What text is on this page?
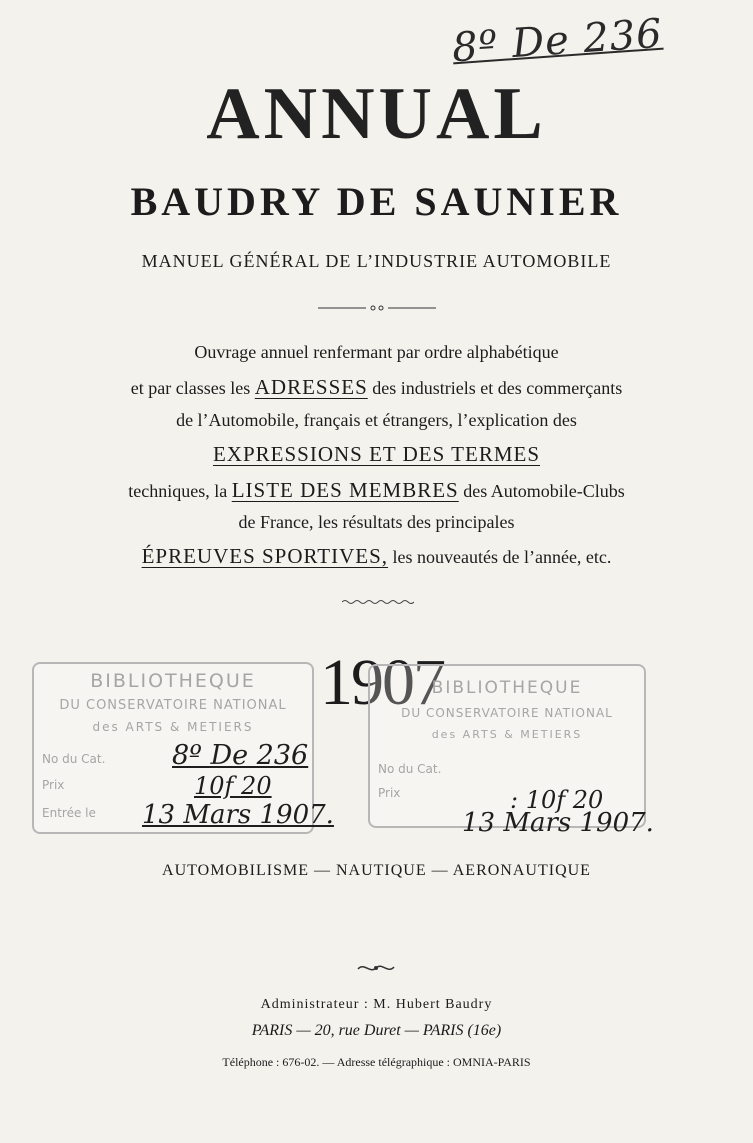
8º De 236
ANNUAL
BAUDRY DE SAUNIER
MANUEL GÉNÉRAL DE L’INDUSTRIE AUTOMOBILE
Ouvrage annuel renfermant par ordre alphabétique
et par classes les ADRESSES des industriels et des commerçants
de l’Automobile, français et étrangers, l’explication des
EXPRESSIONS ET DES TERMES
techniques, la LISTE DES MEMBRES des Automobile-Clubs
de France, les résultats des principales
ÉPREUVES SPORTIVES, les nouveautés de l’année, etc.
BIBLIOTHEQUE
DU CONSERVATOIRE NATIONAL
des ARTS & METIERS
No du Cat.
Prix
Entrée le
8º De 236
10f 20
13 Mars 1907.
1907
BIBLIOTHEQUE
DU CONSERVATOIRE NATIONAL
des ARTS & METIERS
No du Cat.
Prix	: 10f 20
13 Mars 1907.
AUTOMOBILISME — NAUTIQUE — AERONAUTIQUE
Administrateur : M. Hubert Baudry
PARIS — 20, rue Duret — PARIS (16e)
Téléphone : 676-02. — Adresse télégraphique : OMNIA-PARIS
